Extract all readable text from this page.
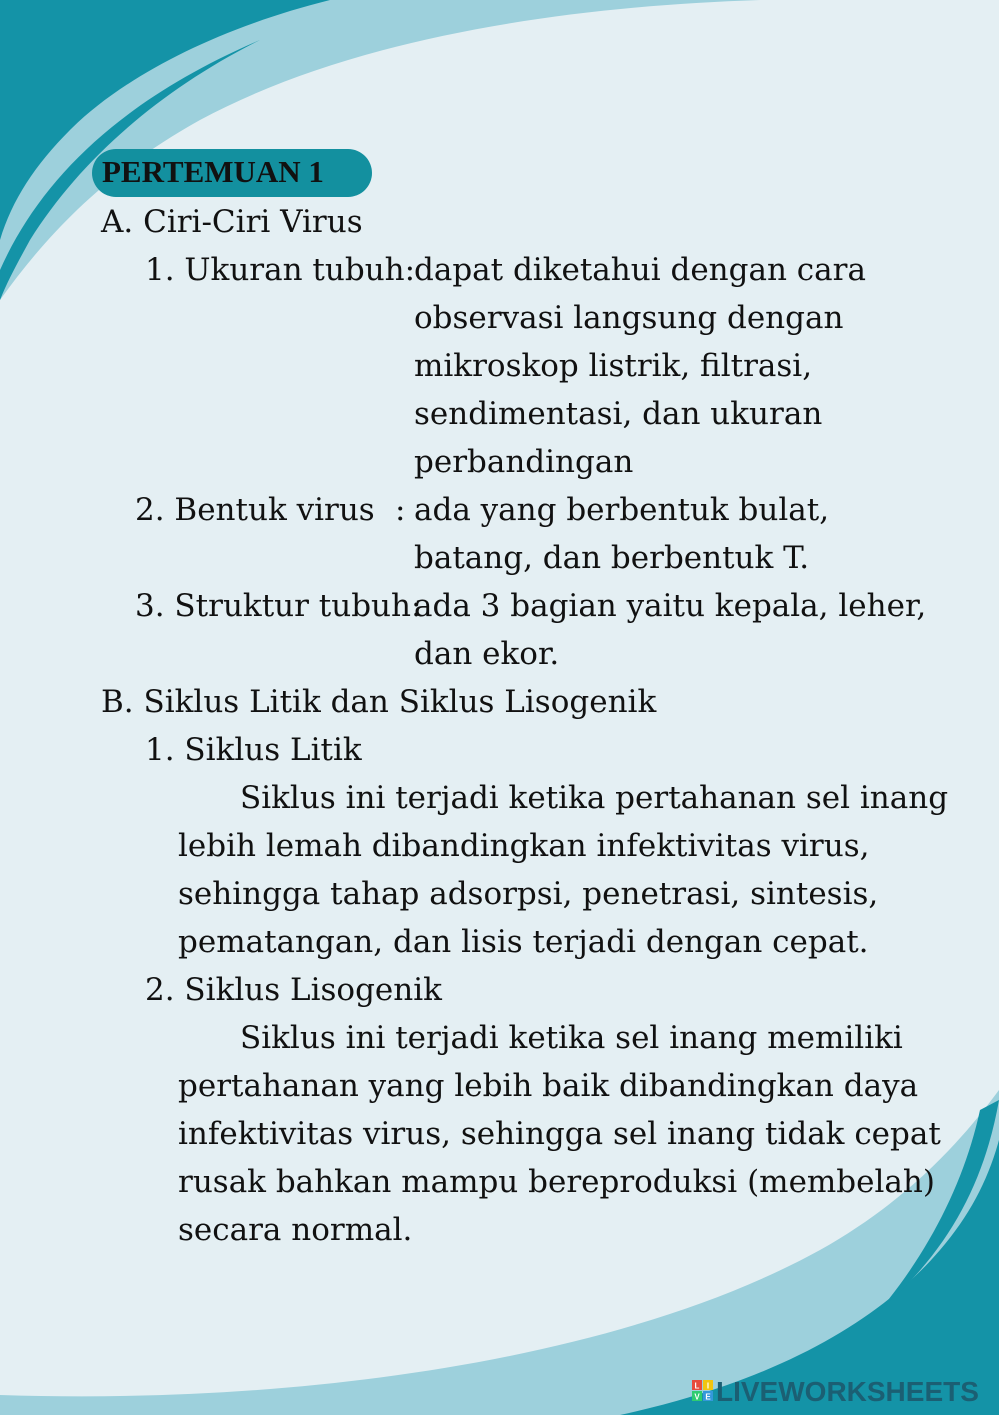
PERTEMUAN 1
A. Ciri-Ciri Virus
1. Ukuran tubuh:
dapat diketahui dengan cara
observasi langsung dengan
mikroskop listrik, filtrasi,
sendimentasi, dan ukuran
perbandingan
2. Bentuk virus : ada yang berbentuk bulat,
batang, dan berbentuk T.
3. Struktur tubuh:
ada 3 bagian yaitu kepala, leher,
dan ekor.
B. Siklus Litik dan Siklus Lisogenik
1. Siklus Litik
Siklus ini terjadi ketika pertahanan sel inang
lebih lemah dibandingkan infektivitas virus,
sehingga tahap adsorpsi, penetrasi, sintesis,
pematangan, dan lisis terjadi dengan cepat.
2. Siklus Lisogenik
Siklus ini terjadi ketika sel inang memiliki
pertahanan yang lebih baik dibandingkan daya
infektivitas virus, sehingga sel inang tidak cepat
rusak bahkan mampu bereproduksi (membelah)
secara normal.
L I
V E LIVEWORKSHEETS
